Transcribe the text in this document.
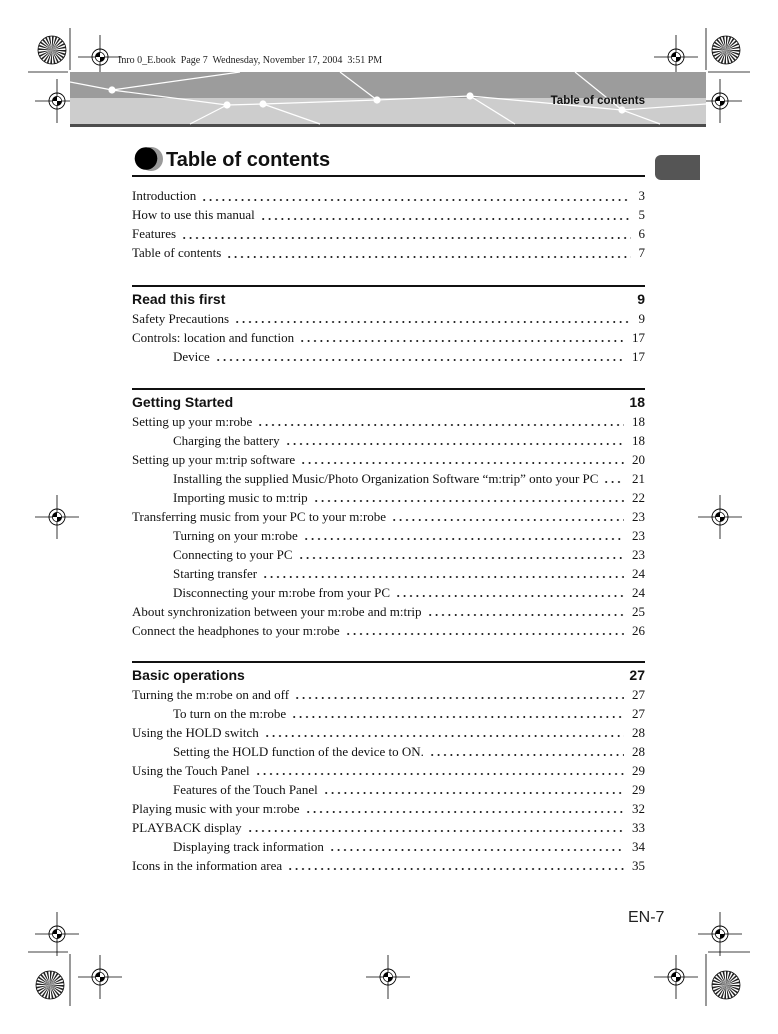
Inro 0_E.book  Page 7  Wednesday, November 17, 2004  3:51 PM
Table of contents
Table of contents
Introduction	3
How to use this manual	5
Features	6
Table of contents	7
Read this first	9
Safety Precautions	9
Controls: location and function	17
Device	17
Getting Started	18
Setting up your m:robe	18
Charging the battery	18
Setting up your m:trip software	20
Installing the supplied Music/Photo Organization Software “m:trip” onto your PC	21
Importing music to m:trip	22
Transferring music from your PC to your m:robe	23
Turning on your m:robe	23
Connecting to your PC	23
Starting transfer	24
Disconnecting your m:robe from your PC	24
About synchronization between your m:robe and m:trip	25
Connect the headphones to your m:robe	26
Basic operations	27
Turning the m:robe on and off	27
To turn on the m:robe	27
Using the HOLD switch	28
Setting the HOLD function of the device to ON.	28
Using the Touch Panel	29
Features of the Touch Panel	29
Playing music with your m:robe	32
PLAYBACK display	33
Displaying track information	34
Icons in the information area	35
EN-7
